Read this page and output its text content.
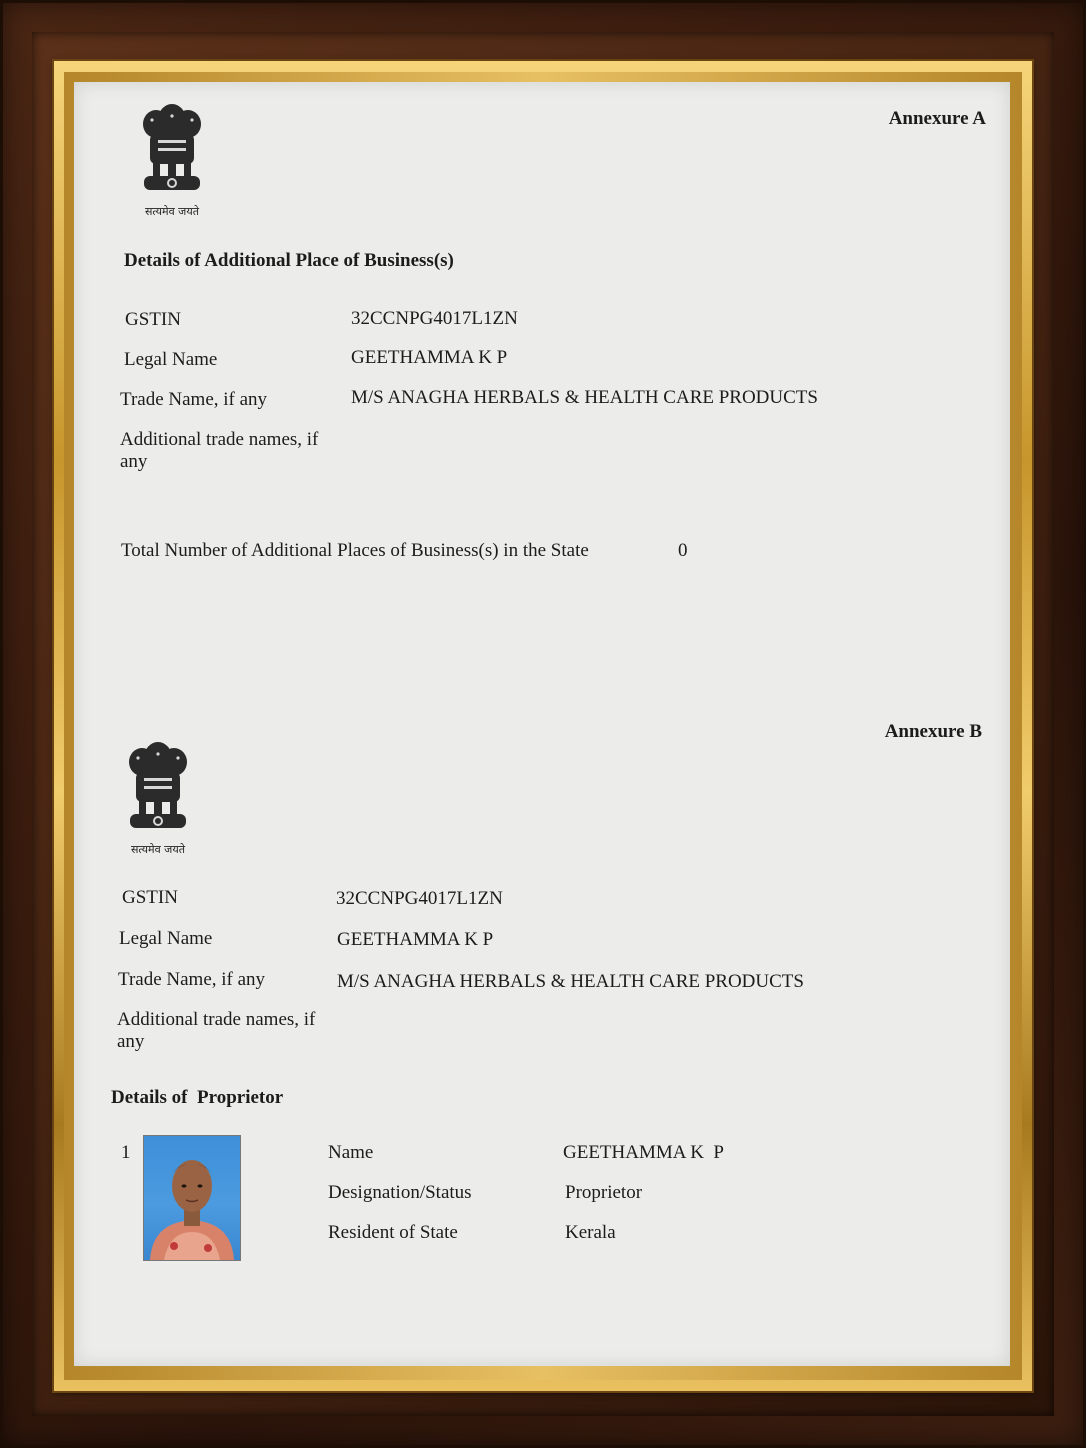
सत्यमेव जयते
Annexure A
Details of Additional Place of Business(s)
GSTIN	32CCNPG4017L1ZN
Legal Name	GEETHAMMA K P
Trade Name, if any	M/S ANAGHA HERBALS & HEALTH CARE PRODUCTS
Additional trade names, if
any
Total Number of Additional Places of Business(s) in the State	0
Annexure B
सत्यमेव जयते
GSTIN	32CCNPG4017L1ZN
Legal Name	GEETHAMMA K P
Trade Name, if any	M/S ANAGHA HERBALS & HEALTH CARE PRODUCTS
Additional trade names, if
any
Details of  Proprietor
1	Name	GEETHAMMA K  P
Designation/Status	Proprietor
Resident of State	Kerala
